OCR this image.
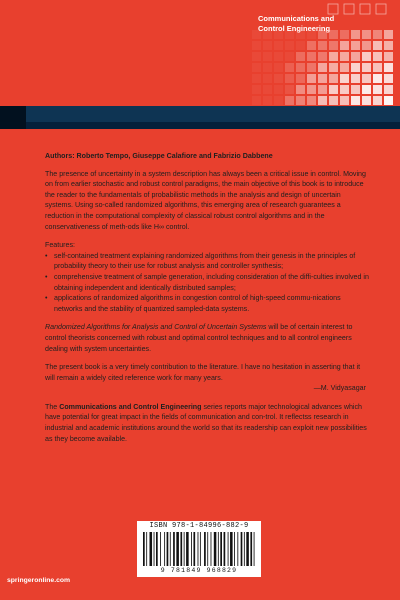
Communications and
Control Engineering

Authors: Roberto Tempo, Giuseppe Calafiore and Fabrizio Dabbene

The presence of uncertainty in a system description has always been a critical issue in control. Moving on from earlier stochastic and robust control paradigms, the main objective of this book is to introduce the reader to the fundamentals of probabilistic methods in the analysis and design of uncertain systems. Using so-called randomized algorithms, this emerging area of research guarantees a reduction in the computational complexity of classical robust control algorithms and in the conservativeness of meth-ods like H∞ control.

Features:

• self-contained treatment explaining randomized algorithms from their genesis in the principles of probability theory to their use for robust analysis and controller synthesis;
• comprehensive treatment of sample generation, including consideration of the diffi-culties involved in obtaining independent and identically distributed samples;
• applications of randomized algorithms in congestion control of high-speed commu-nications networks and the stability of quantized sampled-data systems.

Randomized Algorithms for Analysis and Control of Uncertain Systems will be of certain interest to control theorists concerned with robust and optimal control techniques and to all control engineers dealing with system uncertainties.

The present book is a very timely contribution to the literature. I have no hesitation in asserting that it will remain a widely cited reference work for many years.

—M. Vidyasagar

The Communications and Control Engineering series reports major technological advances which have potential for great impact in the fields of communication and con-trol. It reflectss research in industrial and academic institutions around the world so that its readership can exploit new possibilities as they become available.

ISBN 978-1-84996-882-9
9 781849 968829
springeronline.com
